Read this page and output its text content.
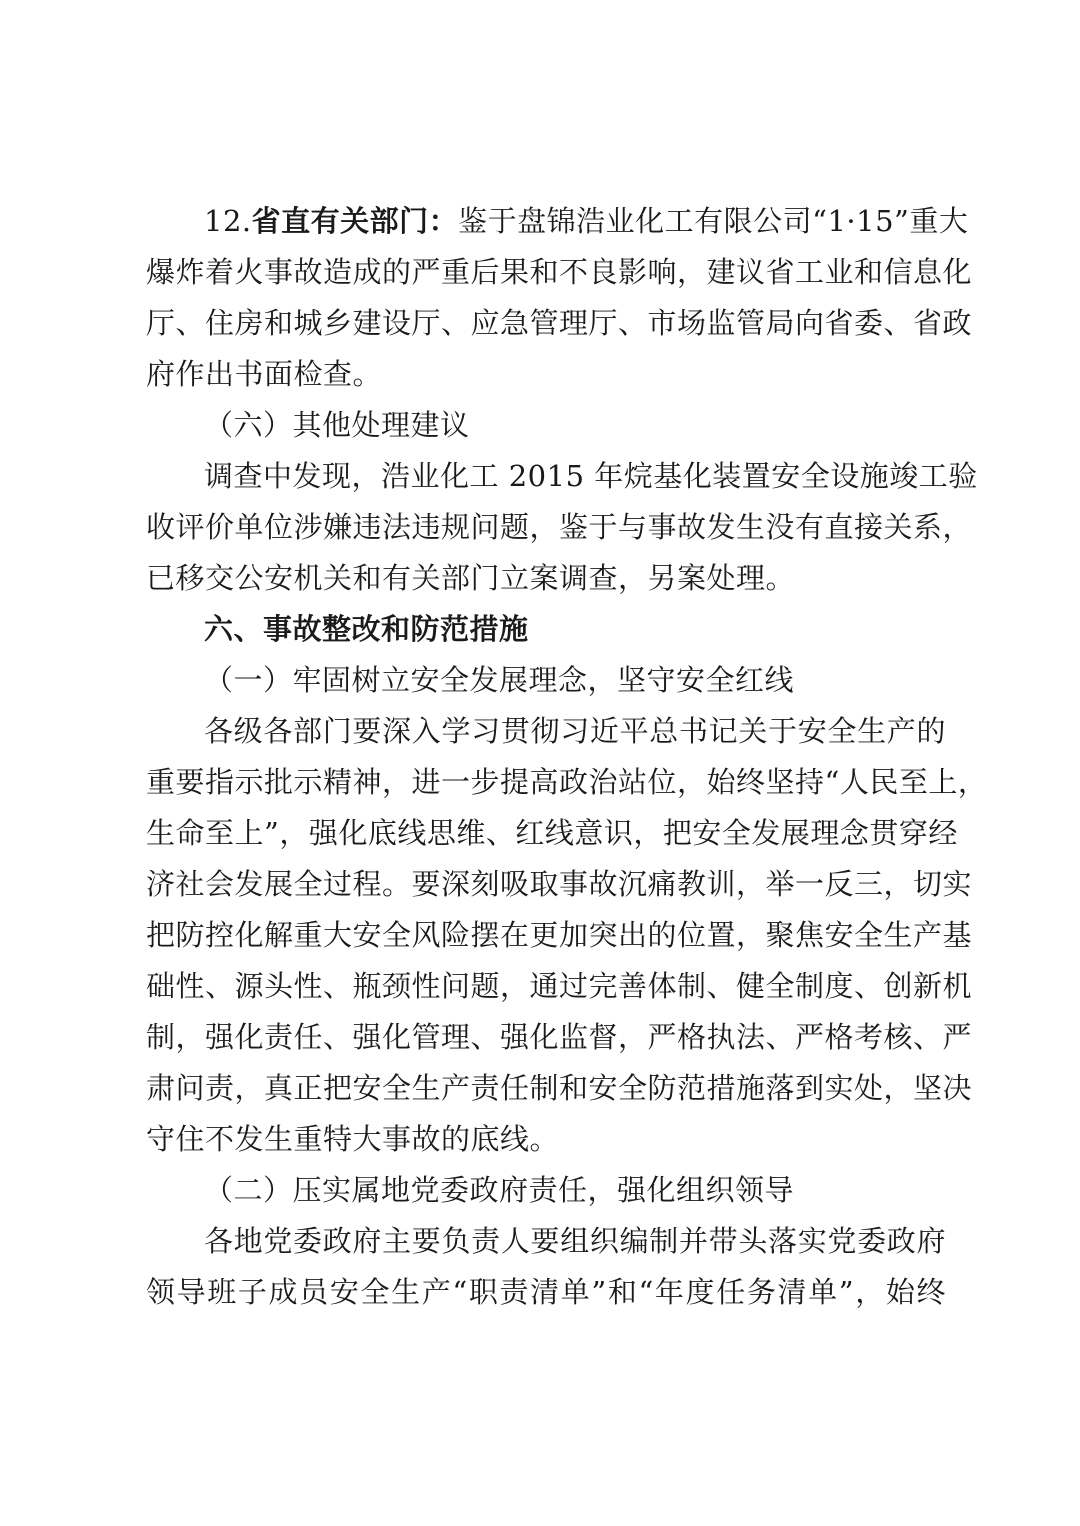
12.省直有关部门：鉴于盘锦浩业化工有限公司“1·15”重大
爆炸着火事故造成的严重后果和不良影响，建议省工业和信息化
厅、住房和城乡建设厅、应急管理厅、市场监管局向省委、省政
府作出书面检查。
（六）其他处理建议
调查中发现，浩业化工 2015 年烷基化装置安全设施竣工验
收评价单位涉嫌违法违规问题，鉴于与事故发生没有直接关系，
已移交公安机关和有关部门立案调查，另案处理。
六、事故整改和防范措施
（一）牢固树立安全发展理念，坚守安全红线
各级各部门要深入学习贯彻习近平总书记关于安全生产的
重要指示批示精神，进一步提高政治站位，始终坚持“人民至上，
生命至上”，强化底线思维、红线意识，把安全发展理念贯穿经
济社会发展全过程。要深刻吸取事故沉痛教训，举一反三，切实
把防控化解重大安全风险摆在更加突出的位置，聚焦安全生产基
础性、源头性、瓶颈性问题，通过完善体制、健全制度、创新机
制，强化责任、强化管理、强化监督，严格执法、严格考核、严
肃问责，真正把安全生产责任制和安全防范措施落到实处，坚决
守住不发生重特大事故的底线。
（二）压实属地党委政府责任，强化组织领导
各地党委政府主要负责人要组织编制并带头落实党委政府
领导班子成员安全生产“职责清单”和“年度任务清单”，始终
